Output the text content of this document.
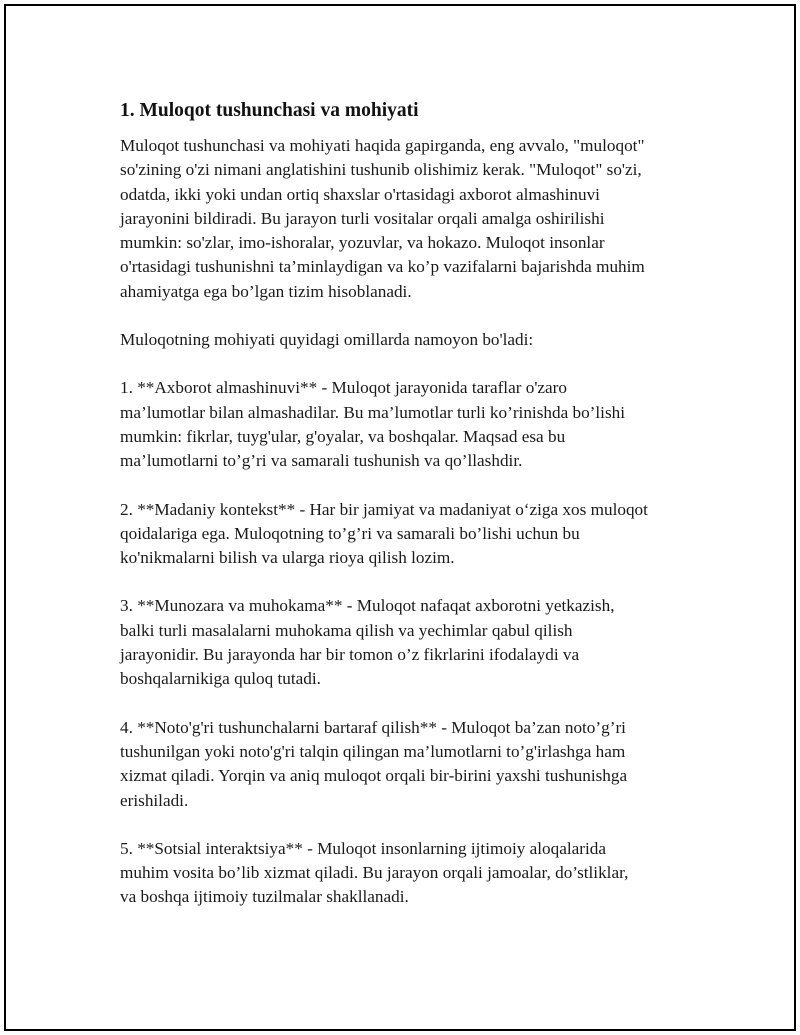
1. Muloqot tushunchasi va mohiyati

Muloqot tushunchasi va mohiyati haqida gapirganda, eng avvalo, "muloqot"
so'zining o'zi nimani anglatishini tushunib olishimiz kerak. "Muloqot" so'zi,
odatda, ikki yoki undan ortiq shaxslar o'rtasidagi axborot almashinuvi
jarayonini bildiradi. Bu jarayon turli vositalar orqali amalga oshirilishi
mumkin: so'zlar, imo-ishoralar, yozuvlar, va hokazo. Muloqot insonlar
o'rtasidagi tushunishni ta’minlaydigan va ko’p vazifalarni bajarishda muhim
ahamiyatga ega bo’lgan tizim hisoblanadi.

Muloqotning mohiyati quyidagi omillarda namoyon bo'ladi:

1. **Axborot almashinuvi** - Muloqot jarayonida taraflar o'zaro
ma’lumotlar bilan almashadilar. Bu ma’lumotlar turli ko’rinishda bo’lishi
mumkin: fikrlar, tuyg'ular, g'oyalar, va boshqalar. Maqsad esa bu
ma’lumotlarni to’g’ri va samarali tushunish va qo’llashdir.

2. **Madaniy kontekst** - Har bir jamiyat va madaniyat o‘ziga xos muloqot
qoidalariga ega. Muloqotning to’g’ri va samarali bo’lishi uchun bu
ko'nikmalarni bilish va ularga rioya qilish lozim.

3. **Munozara va muhokama** - Muloqot nafaqat axborotni yetkazish,
balki turli masalalarni muhokama qilish va yechimlar qabul qilish
jarayonidir. Bu jarayonda har bir tomon o’z fikrlarini ifodalaydi va
boshqalarnikiga quloq tutadi.

4. **Noto'g'ri tushunchalarni bartaraf qilish** - Muloqot ba’zan noto’g’ri
tushunilgan yoki noto'g'ri talqin qilingan ma’lumotlarni to’g'irlashga ham
xizmat qiladi. Yorqin va aniq muloqot orqali bir-birini yaxshi tushunishga
erishiladi.

5. **Sotsial interaktsiya** - Muloqot insonlarning ijtimoiy aloqalarida
muhim vosita bo’lib xizmat qiladi. Bu jarayon orqali jamoalar, do’stliklar,
va boshqa ijtimoiy tuzilmalar shakllanadi.
